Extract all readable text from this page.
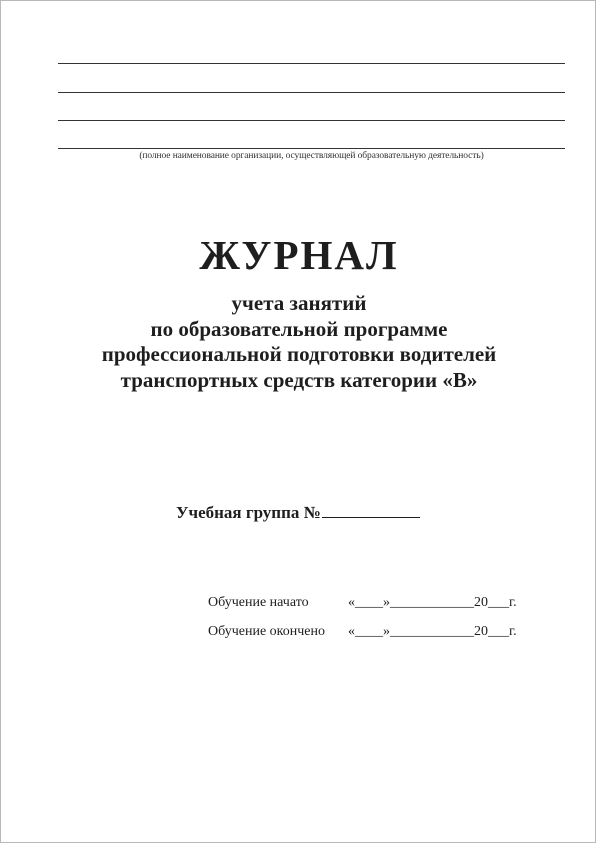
(полное наименование организации, осуществляющей образовательную деятельность)
ЖУРНАЛ
учета занятий
по образовательной программе
профессиональной подготовки водителей
транспортных средств категории «В»
Учебная группа №
Обучение начато	«____»____________20___г.
Обучение окончено «____»____________20___г.
